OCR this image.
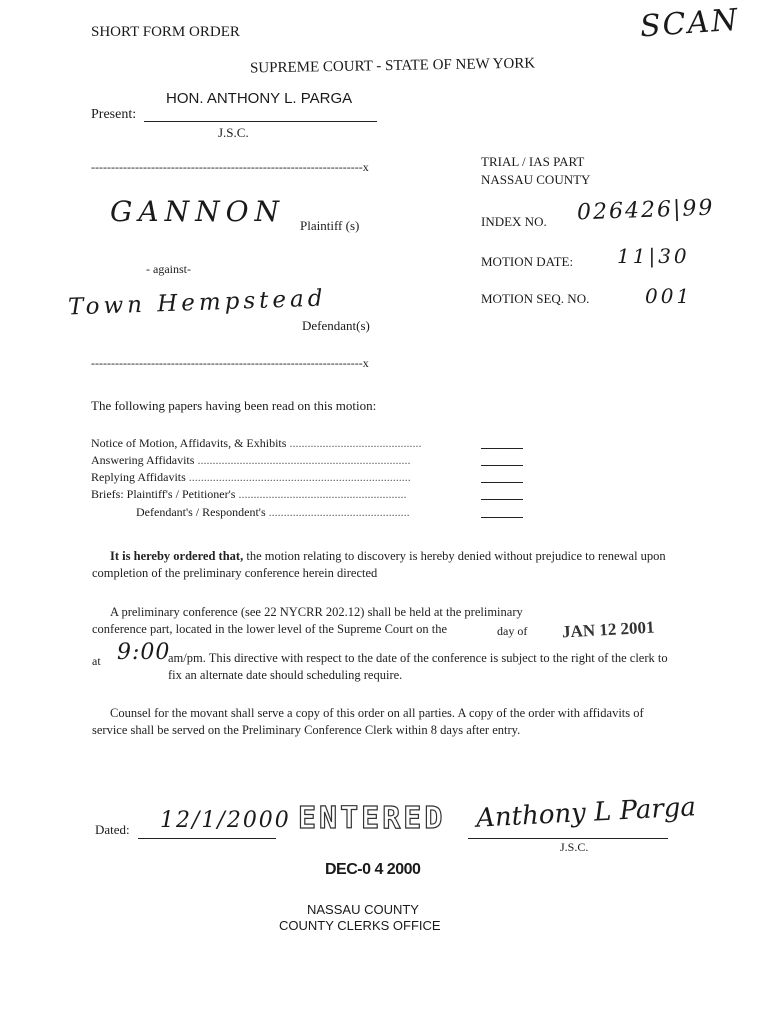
SHORT FORM ORDER	SCAN
SUPREME COURT - STATE OF NEW YORK
Present:
HON. ANTHONY L. PARGA
J.S.C.
--------------------------------------------------------------------x
GANNON Plaintiff (s)
- against-
Town Hempstead
Defendant(s)
--------------------------------------------------------------------x
TRIAL / IAS PART
NASSAU COUNTY
INDEX NO. 026426|99
MOTION DATE: 11|30
MOTION SEQ. NO.	001
The following papers having been read on this motion:
Notice of Motion, Affidavits, & Exhibits ............................................
Answering Affidavits .......................................................................
Replying Affidavits ..........................................................................
Briefs: Plaintiff's / Petitioner's ........................................................
Defendant's / Respondent's ...............................................
It is hereby ordered that, the motion relating to discovery is hereby denied without prejudice to renewal upon completion of the preliminary conference herein directed
A preliminary conference (see 22 NYCRR 202.12) shall be held at the preliminary conference part, located in the lower level of the Supreme Court on the	day of JAN 12 2001
at 9:00
am/pm. This directive with respect to the date of the conference is subject to the right of the clerk to fix an alternate date should scheduling require.
Counsel for the movant shall serve a copy of this order on all parties. A copy of the order with affidavits of service shall be served on the Preliminary Conference Clerk within 8 days after entry.
Dated: 12/1/2000 ENTERED Anthony L Parga
J.S.C.
DEC-0 4 2000
NASSAU COUNTY
COUNTY CLERKS OFFICE
